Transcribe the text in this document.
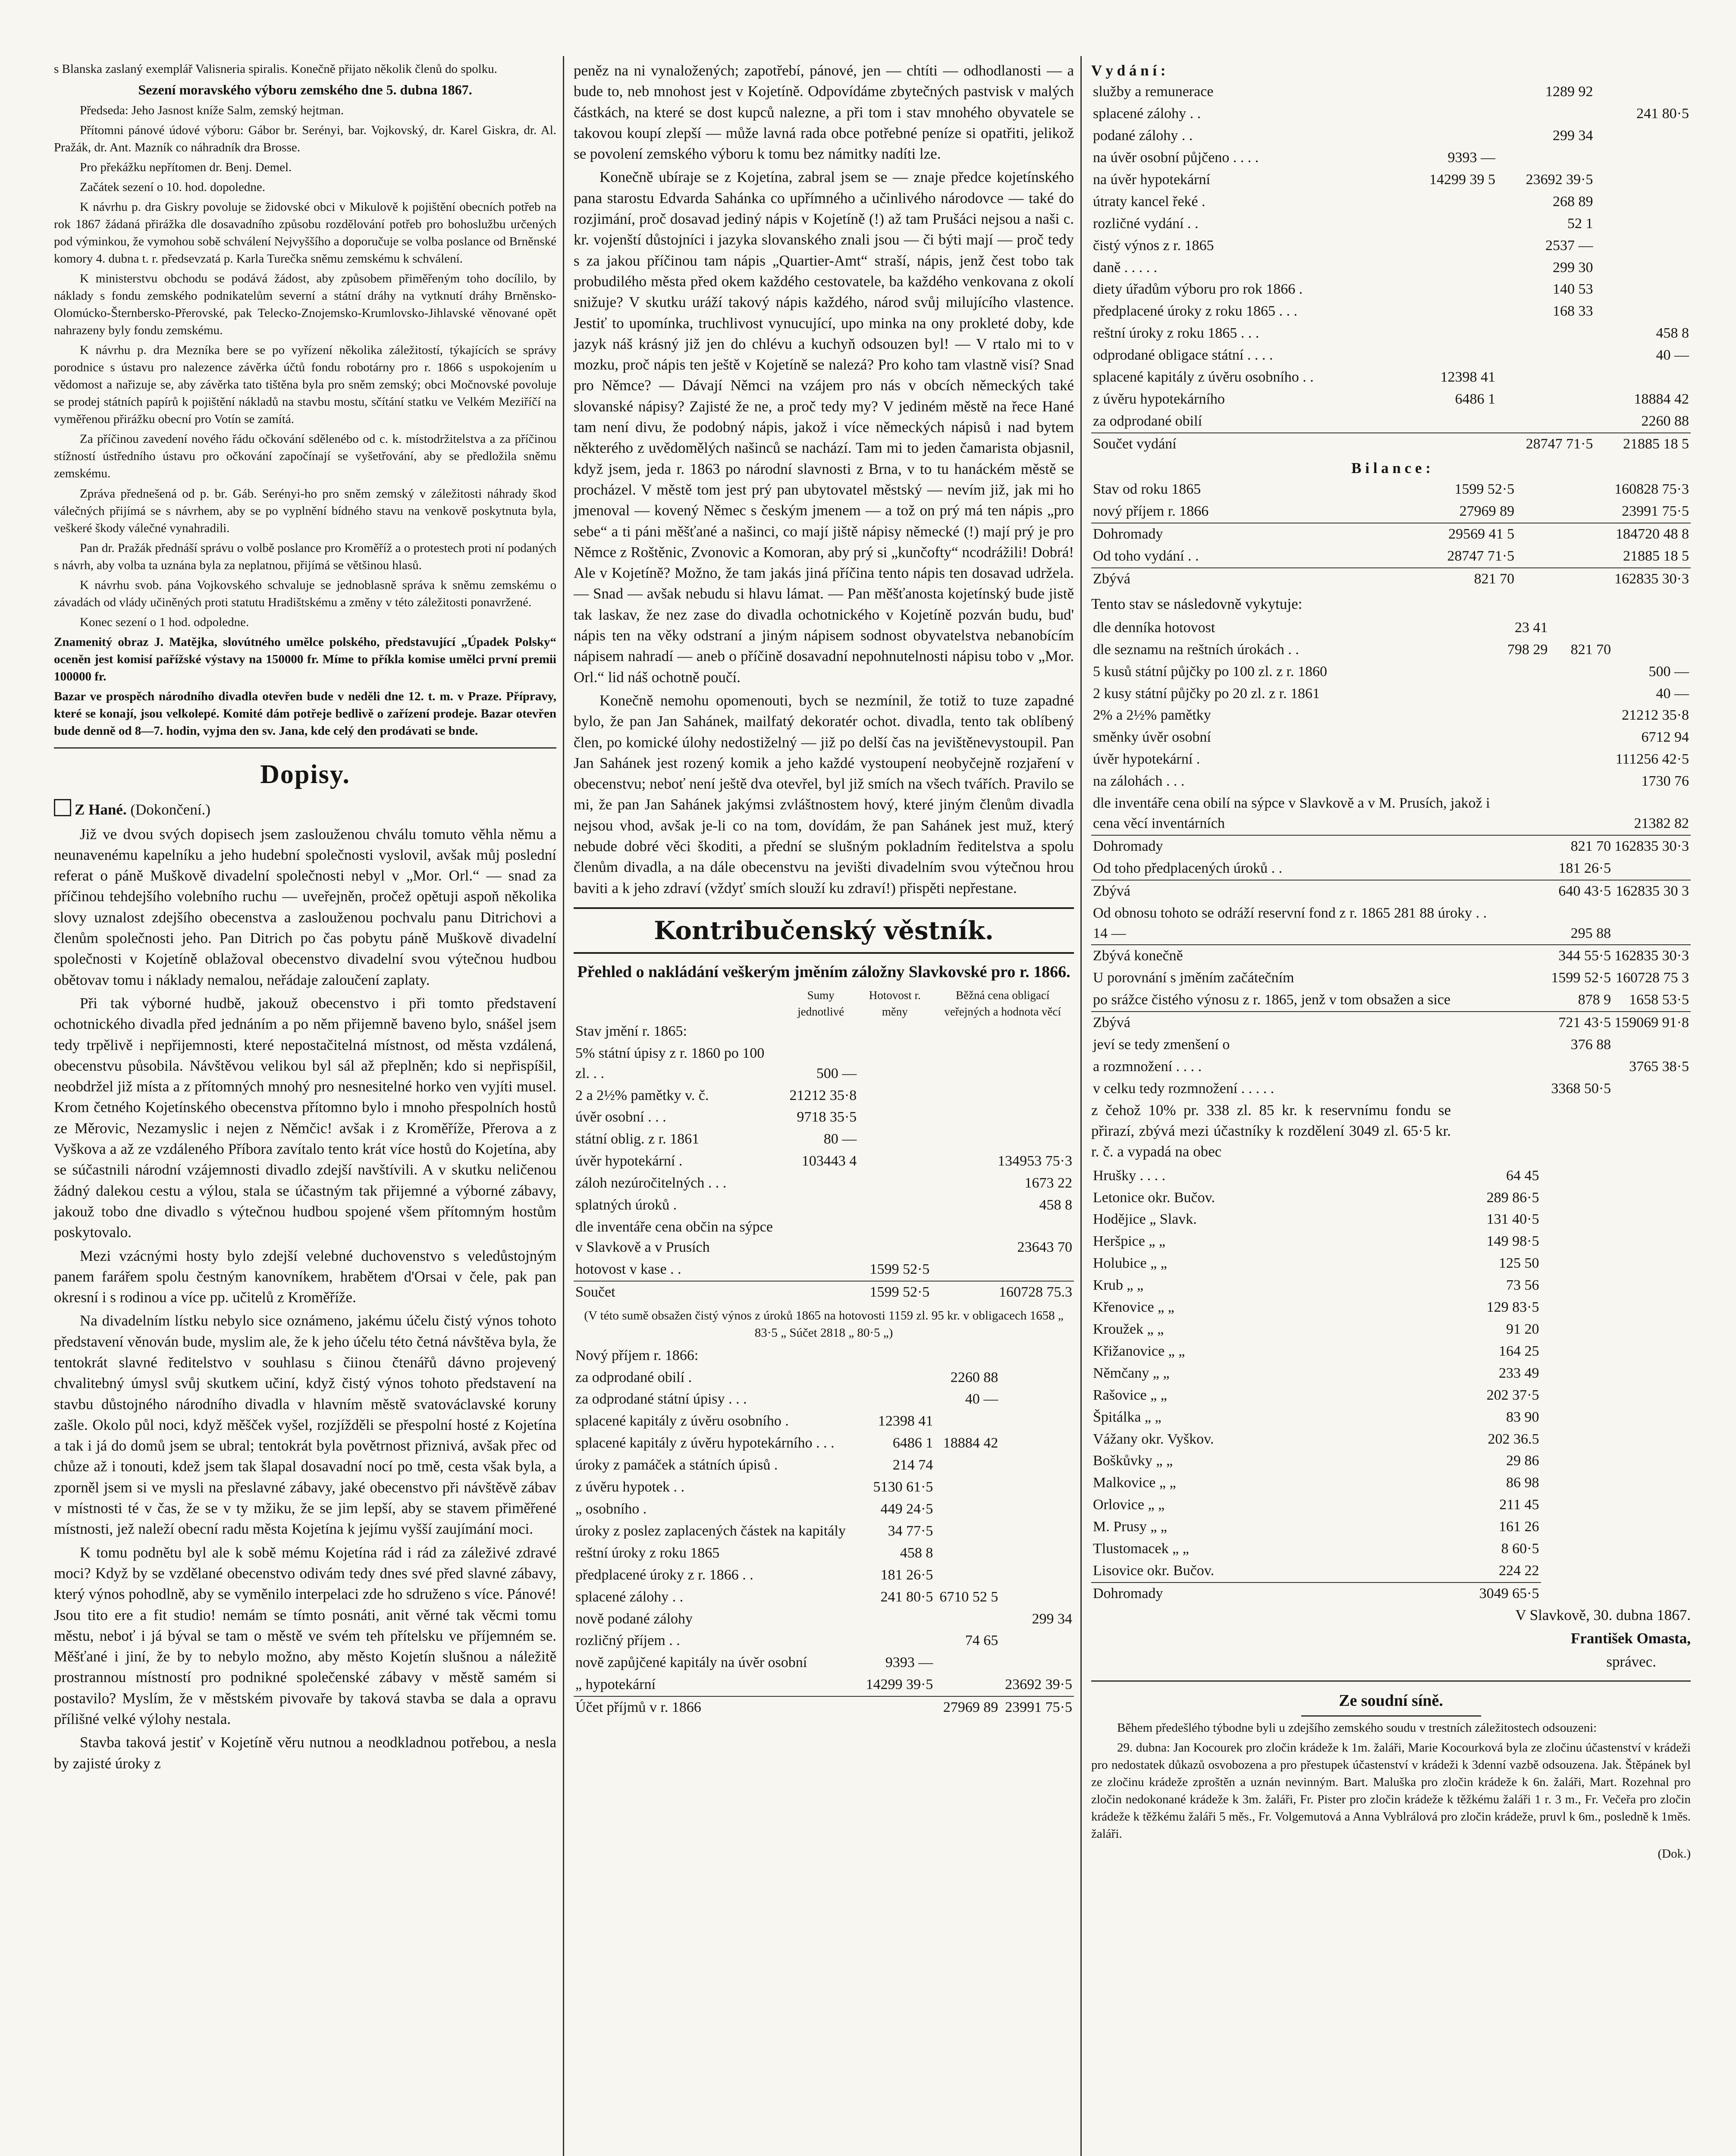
s Blanska zaslaný exemplář Valisneria spiralis. Konečně přijato několik členů do spolku.

Sezení moravského výboru zemského dne 5. dubna 1867.

Předseda: Jeho Jasnost kníže Salm, zemský hejtman.

Přítomni pánové údové výboru: Gábor br. Serényi, bar. Vojkovský, dr. Karel Giskra, dr. Al. Pražák, dr. Ant. Mazník co náhradník dra Brosse.

Pro překážku nepřítomen dr. Benj. Demel.

Začátek sezení o 10. hod. dopoledne.

K návrhu p. dra Giskry povoluje se židovské obci v Mikulově k pojištění obecních potřeb na rok 1867 žádaná přirážka dle dosavadního způsobu rozdělování potřeb pro bohoslužbu určených pod výminkou, že vymohou sobě schválení Nejvyššího a doporučuje se volba poslance od Brněnské komory 4. dubna t. r. předsevzatá p. Karla Turečka sněmu zemskému k schválení.

K ministerstvu obchodu se podává žádost, aby způsobem přiměřeným toho docílilo, by náklady s fondu zemského podnikatelům severní a státní dráhy na vytknutí dráhy Brněnsko-Olomúcko-Šternbersko-Přerovské, pak Telecko-Znojemsko-Krumlovsko-Jihlavské věnované opět nahrazeny byly fondu zemskému.

K návrhu p. dra Mezníka bere se po vyřízení několika záležitostí, týkajících se správy porodnice s ústavu pro nalezence závěrka účtů fondu robotárny pro r. 1866 s uspokojením u vědomost a nařizuje se, aby závěrka tato tištěna byla pro sněm zemský; obci Močnovské povoluje se prodej státních papírů k pojištění nákladů na stavbu mostu, sčítání statku ve Velkém Meziříčí na vyměřenou přirážku obecní pro Votín se zamítá.

Za příčinou zavedení nového řádu očkování sdělenébo od c. k. místodržitelstva a za příčinou stížností ústředního ústavu pro očkování započínají se vyšetřování, aby se předložila sněmu zemskému.

Zpráva přednešená od p. br. Gáb. Serényi-ho pro sněm zemský v záležitosti náhrady škod válečných přijímá se s návrhem, aby se po vyplnění bídného stavu na venkově poskytnuta byla, veškeré škody válečné vynahradili.

Pan dr. Pražák přednáší správu o volbě poslance pro Kroměříž a o protestech proti ní podaných s návrh, aby volba ta uznána byla za neplatnou, přijímá se většinou hlasů.

K návrhu svob. pána Vojkovského schvaluje se jednoblasně správa k sněmu zemskému o závadách od vlády učiněných proti statutu Hradištskému a změny v této záležitosti ponavržené.

Konec sezení o 1 hod. odpoledne.

Znamenitý obraz J. Matějka, slovútného umělce polského, představující „Úpadek Polsky“ oceněn jest komisí pařížské výstavy na 150000 fr. Míme to příkla komise umělci první premii 100000 fr.

Bazar ve prospěch národního divadla otevřen bude v neděli dne 12. t. m. v Praze. Přípravy, které se konají, jsou velkolepé. Komité dám potřeje bedlivě o zařízení prodeje. Bazar otevřen bude denně od 8—7. hodin, vyjma den sv. Jana, kde celý den prodávati se bnde.

Dopisy.
Z Hané. (Dokončení.)

Již ve dvou svých dopisech jsem zaslouženou chválu tomuto věhla němu a neunavenému kapelníku a jeho hudební společnosti vyslovil, avšak můj poslední referat o páně Muškově divadelní společnosti nebyl v „Mor. Orl.“ — snad za příčinou tehdejšího volebního ruchu — uveřejněn, pročež opětuji aspoň několika slovy uznalost zdejšího obecenstva a zaslouženou pochvalu panu Ditrichovi a členům společnosti jeho. Pan Ditrich po čas pobytu páně Muškově divadelní společnosti v Kojetíně oblažoval obecenstvo divadelní svou výtečnou hudbou obětovav tomu i náklady nemalou, neřádaje zaloučení zaplaty.

Při tak výborné hudbě, jakouž obecenstvo i při tomto představení ochotnického divadla před jednáním a po něm přijemně baveno bylo, snášel jsem tedy trpělivě i nepřijemnosti, které nepostačitelná místnost, od města vzdálená, obecenstvu působila. Návštěvou velikou byl sál až přeplněn; kdo si nepřispíšil, neobdržel již místa a z přítomných mnohý pro nesnesitelné horko ven vyjíti musel. Krom četného Kojetínského obecenstva přítomno bylo i mnoho přespolních hostů ze Měrovic, Nezamyslic i nejen z Němčic! avšak i z Kroměříže, Přerova a z Vyškova a až ze vzdáleného Příbora zavítalo tento krát více hostů do Kojetína, aby se súčastnili národní vzájemnosti divadlo zdejší navštívili. A v skutku neličenou žádný dalekou cestu a výlou, stala se účastným tak přijemné a výborné zábavy, jakouž tobo dne divadlo s výtečnou hudbou spojené všem přítomným hostům poskytovalo.

Mezi vzácnými hosty bylo zdejší velebné duchovenstvo s veledůstojným panem farářem spolu čestným kanovníkem, hrabětem d'Orsai v čele, pak pan okresní i s rodinou a více pp. učitelů z Kroměříže.

Na divadelním lístku nebylo sice oznámeno, jakému účelu čistý výnos tohoto představení věnován bude, myslim ale, že k jeho účelu této četná návštěva byla, že tentokrát slavné ředitelstvo v souhlasu s čiinou čtenářů dávno projevený chvalitebný úmysl svůj skutkem učiní, když čistý výnos tohoto představení na stavbu důstojného národního divadla v hlavním městě svatováclavské koruny zašle. Okolo půl noci, když měšček vyšel, rozjížděli se přespolní hosté z Kojetína a tak i já do domů jsem se ubral; tentokrát byla povětrnost přiznivá, avšak přec od chůze až i tonouti, kdež jsem tak šlapal dosavadní nocí po tmě, cesta však byla, a zporněl jsem si ve mysli na přeslavné zábavy, jaké obecenstvo při návštěvě zábav v místnosti té v čas, že se v ty mžiku, že se jim lepší, aby se stavem přiměřené místnosti, jež naleží obecní radu města Kojetína k jejímu vyšší zaujímání moci.

K tomu podnětu byl ale k sobě mému Kojetína rád i rád za záleživé zdravé moci? Když by se vzdělané obecenstvo odivám tedy dnes své před slavné zábavy, který výnos pohodlně, aby se vyměnilo interpelaci zde ho sdruženo s více. Pánové! Jsou tito ere a fit studio! nemám se tímto posnáti, anit věrné tak věcmi tomu městu, neboť i já býval se tam o městě ve svém teh přítelsku ve příjemném se. Měšťané i jiní, že by to nebylo možno, aby město Kojetín slušnou a náležitě prostrannou místností pro podnikné společenské zábavy v městě samém si postavilo? Myslím, že v městském pivovaře by taková stavba se dala a opravu přílišné velké výlohy nestala.

Stavba taková jestiť v Kojetíně věru nutnou a neodkladnou potřebou, a nesla by zajisté úroky z

peněz na ni vynaložených; zapotřebí, pánové, jen — chtíti — odhodlanosti — a bude to, neb mnohost jest v Kojetíně. Odpovídáme zbytečných pastvisk v malých částkách, na které se dost kupců nalezne, a při tom i stav mnohého obyvatele se takovou koupí zlepší — může lavná rada obce potřebné peníze si opatřiti, jelikož se povolení zemského výboru k tomu bez námitky nadíti lze.

Konečně ubíraje se z Kojetína, zabral jsem se — znaje předce kojetínského pana starostu Edvarda Sahánka co upřímného a učinlivého národovce — také do rozjimání, proč dosavad jediný nápis v Kojetíně (!) až tam Prušáci nejsou a naši c. kr. vojenští důstojníci i jazyka slovanského znali jsou — či býti mají — proč tedy s za jakou příčinou tam nápis „Quartier-Amt“ straší, nápis, jenž čest tobo tak probudilého města před okem každého cestovatele, ba každého venkovana z okolí snižuje? V skutku uráží takový nápis každého, národ svůj milujícího vlastence. Jestiť to upomínka, truchlivost vynucující, upo minka na ony prokleté doby, kde jazyk náš krásný již jen do chlévu a kuchyň odsouzen byl! — V rtalo mi to v mozku, proč nápis ten ještě v Kojetíně se nalezá? Pro koho tam vlastně visí? Snad pro Němce? — Dávají Němci na vzájem pro nás v obcích německých také slovanské nápisy? Zajisté že ne, a proč tedy my? V jediném městě na řece Hané tam není divu, že podobný nápis, jakož i více německých nápisů i nad bytem některého z uvědomělých našinců se nachází. Tam mi to jeden čamarista objasnil, když jsem, jeda r. 1863 po národní slavnosti z Brna, v to tu hanáckém městě se procházel. V městě tom jest prý pan ubytovatel městský — nevím již, jak mi ho jmenoval — kovený Němec s českým jmenem — a tož on prý má ten nápis „pro sebe“ a ti páni měšťané a našinci, co mají jiště nápisy německé (!) mají prý je pro Němce z Roštěnic, Zvonovic a Komoran, aby prý si „kunčofty“ ncodrážili! Dobrá! Ale v Kojetíně? Možno, že tam jakás jiná příčina tento nápis ten dosavad udržela. — Snad — avšak nebudu si hlavu lámat. — Pan měšťanosta kojetínský bude jistě tak laskav, že nez zase do divadla ochotnického v Kojetíně pozván budu, bud' nápis ten na věky odstraní a jiným nápisem sodnost obyvatelstva nebanobícím nápisem nahradí — aneb o příčině dosavadní nepohnutelnosti nápisu tobo v „Mor. Orl.“ lid náš ochotně poučí.

Konečně nemohu opomenouti, bych se nezmínil, že totiž to tuze zapadné bylo, že pan Jan Sahánek, mailfatý dekoratér ochot. divadla, tento tak oblíbený člen, po komické úlohy nedostiželný — již po delší čas na jevištěnevystoupil. Pan Jan Sahánek jest rozený komik a jeho každé vystoupení neobyčejně rozjaření v obecenstvu; neboť není ještě dva otevřel, byl již smích na všech tvářích. Pravilo se mi, že pan Jan Sahánek jakýmsi zvláštnostem hový, které jiným členům divadla nejsou vhod, avšak je-li co na tom, dovídám, že pan Sahánek jest muž, který nebude dobré věci škoditi, a přední se slušným pokladním ředitelstva a spolu členům divadla, a na dále obecenstvu na jevišti divadelním svou výtečnou hrou baviti a k jeho zdraví (vždyť smích slouží ku zdraví!) přispěti nepřestane.

Kontribučenský věstník.
Přehled o nakládání veškerým jměním záložny Slavkovské pro r. 1866.
	Sumy jednotlivé	Hotovost r. měny	Běžná cena obligací veřejných a hodnota věcí
Stav jmění r. 1865:			
5% státní úpisy z r. 1860 po 100 zl. . .	500 —		
2 a 2½% pamětky v. č.	21212 35·8		
úvěr osobní . . .	9718 35·5		
státní oblig. z r. 1861	80 —		
úvěr hypotekární .	103443 4		134953 75·3
záloh nezúročitelných . . .			1673 22
splatných úroků .			458 8
dle inventáře cena občin na sýpce v Slavkově a v Prusích			23643 70
hotovost v kase . .		1599 52·5	
Součet		1599 52·5	160728 75.3

(V této sumě obsažen čistý výnos z úroků 1865 na hotovosti 1159 zl. 95 kr. v obligacech 1658 „ 83·5 „ Súčet 2818 „ 80·5 „)

Nový příjem r. 1866:			
za odprodané obilí .		2260 88	
za odprodané státní úpisy . . .		40 —	
splacené kapitály z úvěru osobního .	12398 41		
splacené kapitály z úvěru hypotekárního . . .	6486 1	18884 42	
úroky z pamáček a státních úpisů .	214 74		
z úvěru hypotek . .	5130 61·5		
„ osobního .	449 24·5		
úroky z poslez zaplacených částek na kapitály	34 77·5		
reštní úroky z roku 1865	458 8		
předplacené úroky z r. 1866 . .	181 26·5		
splacené zálohy . .	241 80·5	6710 52 5	
nově podané zálohy			299 34
rozličný příjem . .		74 65	
nově zapůjčené kapitály na úvěr osobní	9393 —		
„ hypotekární	14299 39·5		23692 39·5
Účet příjmů v r. 1866		27969 89	23991 75·5
V y d á n í :
služby a remunerace		1289 92	
splacené zálohy . .			241 80·5
podané zálohy . .		299 34	
na úvěr osobní půjčeno . . . .	9393 —		
na úvěr hypotekární	14299 39 5	23692 39·5	
útraty kancel řeké .		268 89	
rozličné vydání . .		52 1	
čistý výnos z r. 1865		2537 —	
daně . . . . .		299 30	
diety úřadům výboru pro rok 1866 .		140 53	
předplacené úroky z roku 1865 . . .		168 33	
reštní úroky z roku 1865 . . .			458 8
odprodané obligace státní . . . .			40 —
splacené kapitály z úvěru osobního . .	12398 41		
z úvěru hypotekárního	6486 1		18884 42
za odprodané obilí			2260 88
Součet vydání		28747 71·5	21885 18 5
B i l a n c e :
Stav od roku 1865	1599 52·5	160828 75·3
nový příjem r. 1866	27969 89	23991 75·5
Dohromady	29569 41 5	184720 48 8
Od toho vydání . .	28747 71·5	21885 18 5
Zbývá	821 70	162835 30·3

Tento stav se následovně vykytuje:

dle denníka hotovost	23 41		
dle seznamu na reštních úrokách . .	798 29	821 70	
5 kusů státní půjčky po 100 zl. z r. 1860			500 —
2 kusy státní půjčky po 20 zl. z r. 1861			40 —
2% a 2½% pamětky			21212 35·8
směnky úvěr osobní			6712 94
úvěr hypotekární .			111256 42·5
na zálohách . . .			1730 76
dle inventáře cena obilí na sýpce v Slavkově a v M. Prusích, jakož i cena věcí inventárních			21382 82
Dohromady		821 70	162835 30·3
Od toho předplacených úroků . .		181 26·5	
Zbývá		640 43·5	162835 30 3
Od obnosu tohoto se odráží reservní fond z r. 1865 281 88 úroky . . 14 —		295 88	
Zbývá konečně		344 55·5	162835 30·3
U porovnání s jměním začátečním		1599 52·5	160728 75 3
po srážce čistého výnosu z r. 1865, jenž v tom obsažen a sice		878 9	1658 53·5
Zbývá		721 43·5	159069 91·8
jeví se tedy zmenšení o		376 88	
a rozmnožení . . . .			3765 38·5
v celku tedy rozmnožení . . . . .		3368 50·5	

z čehož 10% pr. 338 zl. 85 kr. k reservnímu fondu se přirazí, zbývá mezi účastníky k rozdělení 3049 zl. 65·5 kr. r. č. a vypadá na obec

Hrušky . . . .	64 45
Letonice okr. Bučov.	289 86·5
Hodějice „ Slavk.	131 40·5
Heršpice „ „	149 98·5
Holubice „ „	125 50
Krub „ „	73 56
Křenovice „ „	129 83·5
Kroužek „ „	91 20
Křižanovice „ „	164 25
Němčany „ „	233 49
Rašovice „ „	202 37·5
Špitálka „ „	83 90
Vážany okr. Vyškov.	202 36.5
Boškůvky „ „	29 86
Malkovice „ „	86 98
Orlovice „ „	211 45
M. Prusy „ „	161 26
Tlustomacek „ „	8 60·5
Lisovice okr. Bučov.	224 22
Dohromady	3049 65·5

V Slavkově, 30. dubna 1867.

František Omasta,

správec.

Ze soudní síně.

Během předešlého týbodne byli u zdejšího zemského soudu v trestních záležitostech odsouzeni:

29. dubna: Jan Kocourek pro zločin krádeže k 1m. žaláři, Marie Kocourková byla ze zločinu účastenství v krádeži pro nedostatek důkazů osvobozena a pro přestupek účastenství v krádeži k 3denní vazbě odsouzena. Jak. Štěpánek byl ze zločinu krádeže zproštěn a uznán nevinným. Bart. Maluška pro zločin krádeže k 6n. žaláři, Mart. Rozehnal pro zločin nedokonané krádeže k 3m. žaláři, Fr. Pister pro zločin krádeže k těžkému žaláři 1 r. 3 m., Fr. Večeřa pro zločin krádeže k těžkému žaláři 5 měs., Fr. Volgemutová a Anna Vyblrálová pro zločin krádeže, pruvl k 6m., posledně k 1měs. žaláři.

(Dok.)
